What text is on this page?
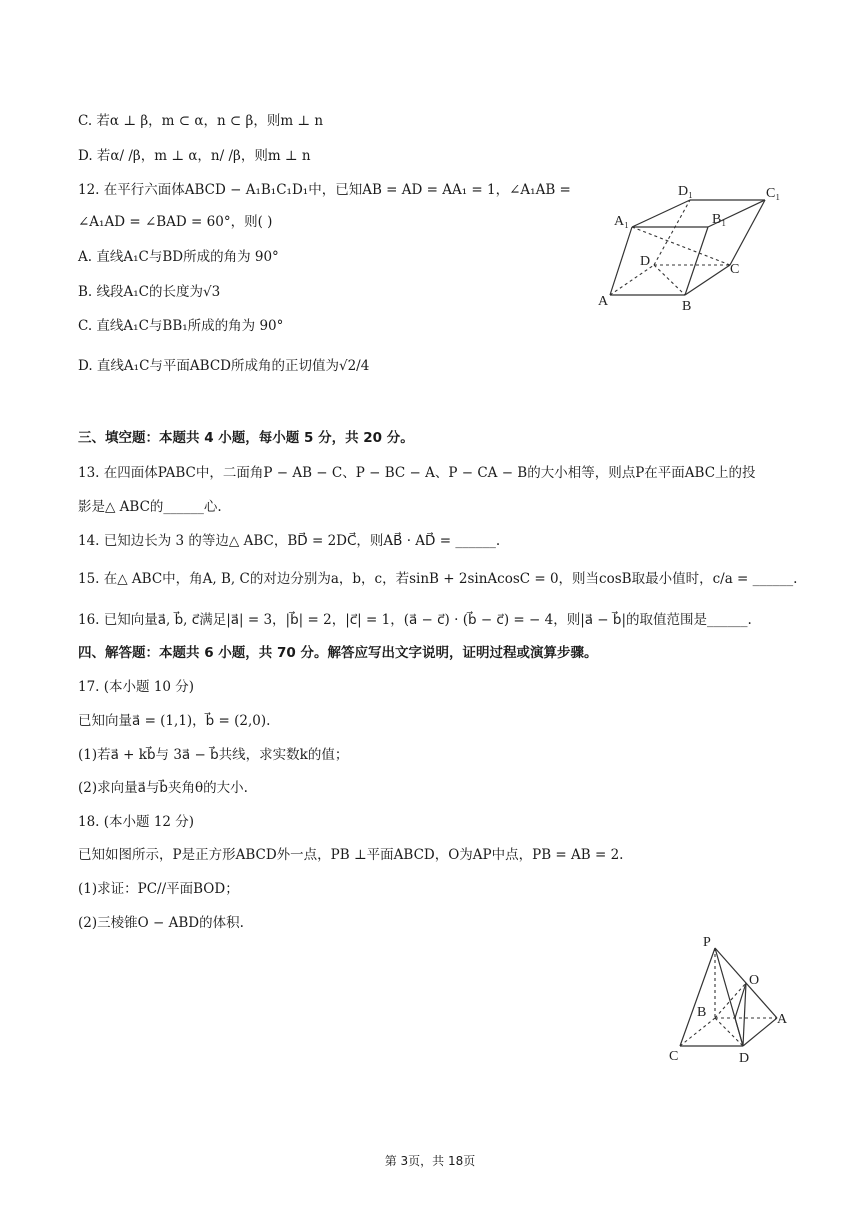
C. 若α ⊥ β，m ⊂ α，n ⊂ β，则m ⊥ n
D. 若α/ /β，m ⊥ α，n/ /β，则m ⊥ n
12. 在平行六面体ABCD − A₁B₁C₁D₁中，已知AB = AD = AA₁ = 1，∠A₁AB =
∠A₁AD = ∠BAD = 60°，则( )
A. 直线A₁C与BD所成的角为 90°
B. 线段A₁C的长度为√3
C. 直线A₁C与BB₁所成的角为 90°
D. 直线A₁C与平面ABCD所成角的正切值为√2/4
三、填空题：本题共 4 小题，每小题 5 分，共 20 分。
13. 在四面体PABC中，二面角P − AB − C、P − BC − A、P − CA − B的大小相等，则点P在平面ABC上的投
影是△ ABC的______心.
14. 已知边长为 3 的等边△ ABC，BD⃗ = 2DC⃗，则AB⃗ · AD⃗ = ______.
15. 在△ ABC中，角A, B, C的对边分别为a，b，c，若sinB + 2sinAcosC = 0，则当cosB取最小值时，c/a = ______.
16. 已知向量a⃗, b⃗, c⃗满足|a⃗| = 3，|b⃗| = 2，|c⃗| = 1，(a⃗ − c⃗) · (b⃗ − c⃗) = − 4，则|a⃗ − b⃗|的取值范围是______.
四、解答题：本题共 6 小题，共 70 分。解答应写出文字说明，证明过程或演算步骤。
17. (本小题 10 分)
已知向量a⃗ = (1,1)，b⃗ = (2,0).
(1)若a⃗ + kb⃗与 3a⃗ − b⃗共线，求实数k的值；
(2)求向量a⃗与b⃗夹角θ的大小.
18. (本小题 12 分)
已知如图所示，P是正方形ABCD外一点，PB ⊥平面ABCD，O为AP中点，PB = AB = 2.
(1)求证：PC//平面BOD；
(2)三棱锥O − ABD的体积.
D₁	C₁
A₁	B₁
D
C
A	B
P
O
B	A
C	D
第 3页，共 18页
